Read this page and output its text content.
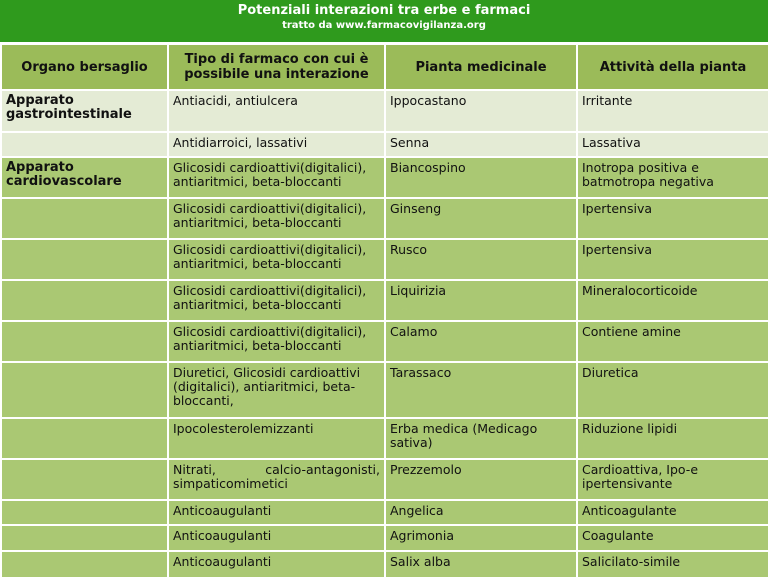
Potenziali interazioni tra erbe e farmaci
tratto da www.farmacovigilanza.org
Organo bersaglio	Tipo di farmaco con cui è possibile una interazione	Pianta medicinale	Attività della pianta
Apparato gastrointestinale	Antiacidi, antiulcera	Ippocastano	Irritante
	Antidiarroici, lassativi	Senna	Lassativa
Apparato cardiovascolare	Glicosidi cardioattivi(digitalici), antiaritmici, beta-bloccanti	Biancospino	Inotropa positiva e batmotropa negativa
	Glicosidi cardioattivi(digitalici), antiaritmici, beta-bloccanti	Ginseng	Ipertensiva
	Glicosidi cardioattivi(digitalici), antiaritmici, beta-bloccanti	Rusco	Ipertensiva
	Glicosidi cardioattivi(digitalici), antiaritmici, beta-bloccanti	Liquirizia	Mineralocorticoide
	Glicosidi cardioattivi(digitalici), antiaritmici, beta-bloccanti	Calamo	Contiene amine
	Diuretici, Glicosidi cardioattivi (digitalici), antiaritmici, beta-bloccanti,	Tarassaco	Diuretica
	Ipocolesterolemizzanti	Erba medica (Medicago sativa)	Riduzione lipidi
	Nitrati, calcio-antagonisti, simpaticomimetici	Prezzemolo	Cardioattiva, Ipo-e ipertensivante
	Anticoaugulanti	Angelica	Anticoagulante
	Anticoaugulanti	Agrimonia	Coagulante
	Anticoaugulanti	Salix alba	Salicilato-simile
